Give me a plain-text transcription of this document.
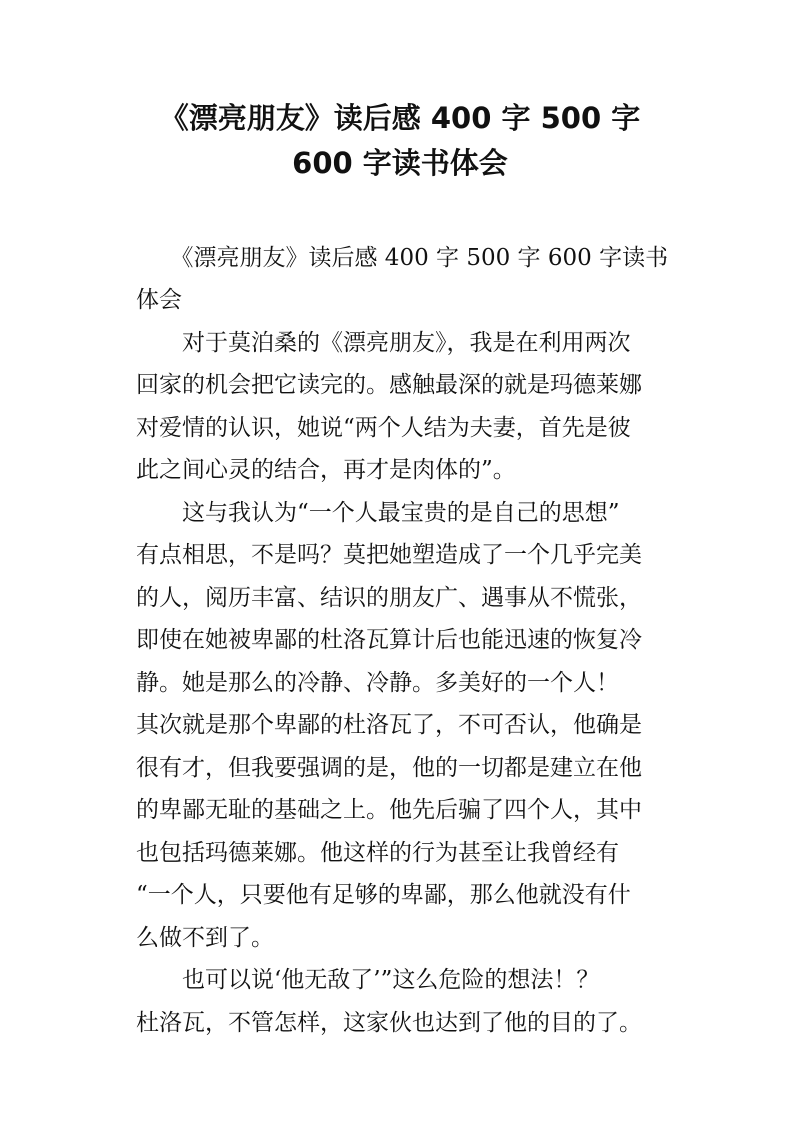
《漂亮朋友》读后感 400 字 500 字
600 字读书体会
　　《漂亮朋友》读后感 400 字 500 字 600 字读书
体会
　　对于莫泊桑的《漂亮朋友》，我是在利用两次
回家的机会把它读完的。感触最深的就是玛德莱娜
对爱情的认识，她说“两个人结为夫妻，首先是彼
此之间心灵的结合，再才是肉体的”。
　　这与我认为“一个人最宝贵的是自己的思想”
有点相思，不是吗？莫把她塑造成了一个几乎完美
的人，阅历丰富、结识的朋友广、遇事从不慌张，
即使在她被卑鄙的杜洛瓦算计后也能迅速的恢复冷
静。她是那么的冷静、冷静。多美好的一个人！
其次就是那个卑鄙的杜洛瓦了，不可否认，他确是
很有才，但我要强调的是，他的一切都是建立在他
的卑鄙无耻的基础之上。他先后骗了四个人，其中
也包括玛德莱娜。他这样的行为甚至让我曾经有
“一个人，只要他有足够的卑鄙，那么他就没有什
么做不到了。
　　也可以说‘他无敌了’”这么危险的想法！？
杜洛瓦，不管怎样，这家伙也达到了他的目的了。
